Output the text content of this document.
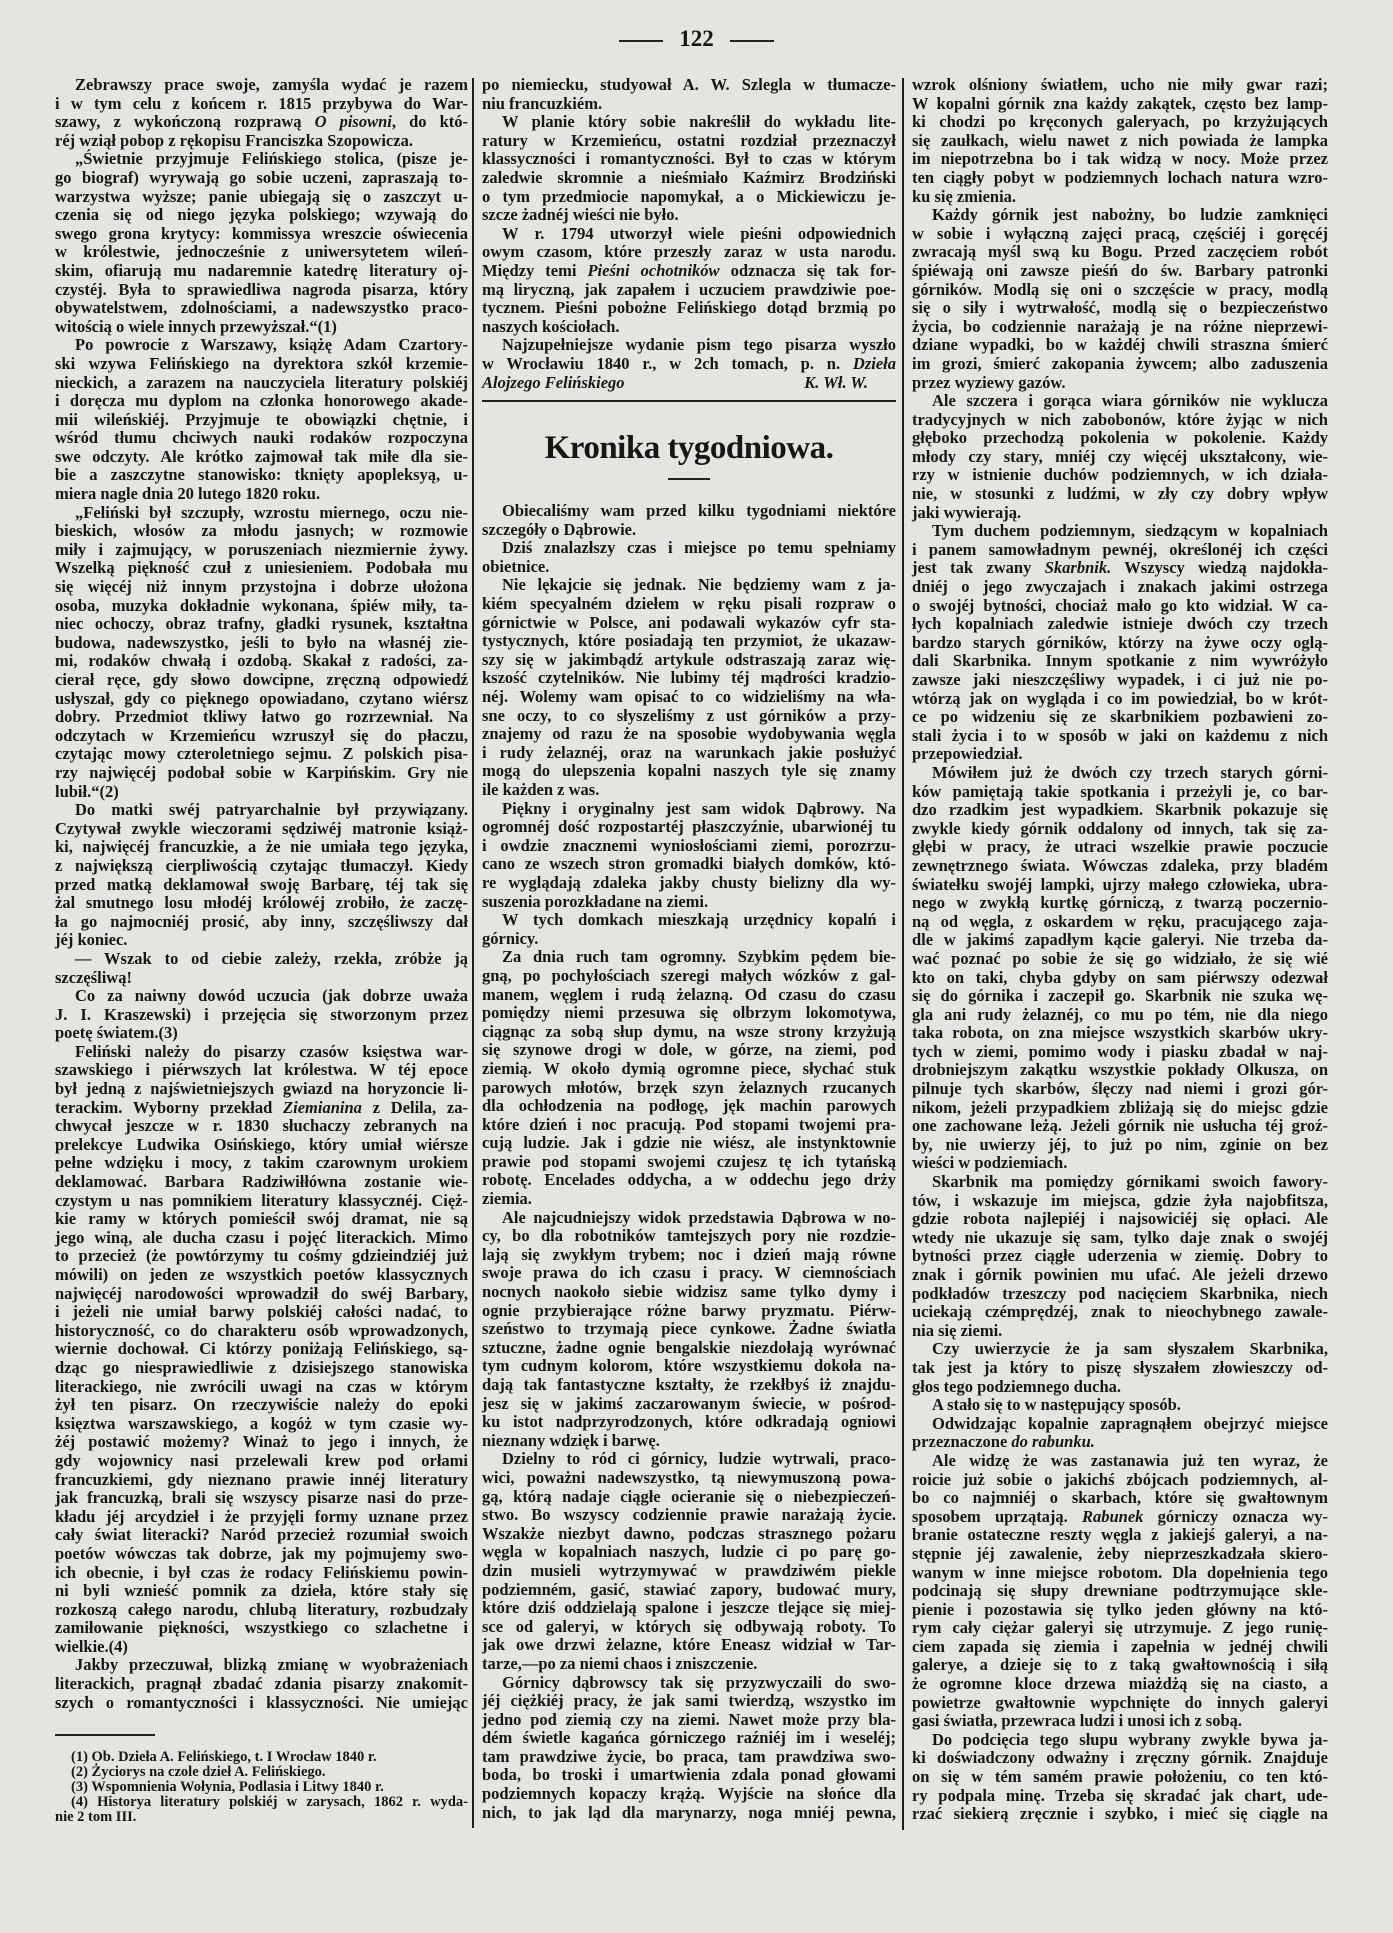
122
Zebrawszy prace swoje, zamyśla wydać je razem
i w tym celu z końcem r. 1815 przybywa do War-
szawy, z wykończoną rozprawą O pisowni, do któ-
réj wziął pobop z rękopisu Franciszka Szopowicza.
„Świetnie przyjmuje Felińskiego stolica, (pisze je-
go biograf) wyrywają go sobie uczeni, zapraszają to-
warzystwa wyższe; panie ubiegają się o zaszczyt u-
czenia się od niego języka polskiego; wzywają do
swego grona krytycy: kommissya wreszcie oświecenia
w królestwie, jednocześnie z uniwersytetem wileń-
skim, ofiarują mu nadaremnie katedrę literatury oj-
czystéj. Była to sprawiedliwa nagroda pisarza, który
obywatelstwem, zdolnościami, a nadewszystko praco-
witością o wiele innych przewyższał.“(1)
Po powrocie z Warszawy, książę Adam Czartory-
ski wzywa Felińskiego na dyrektora szkół krzemie-
nieckich, a zarazem na nauczyciela literatury polskiéj
i doręcza mu dyplom na członka honorowego akade-
mii wileńskiéj. Przyjmuje te obowiązki chętnie, i
wśród tłumu chciwych nauki rodaków rozpoczyna
swe odczyty. Ale krótko zajmował tak miłe dla sie-
bie a zaszczytne stanowisko: tknięty apopleksyą, u-
miera nagle dnia 20 lutego 1820 roku.
„Feliński był szczupły, wzrostu miernego, oczu nie-
bieskich, włosów za młodu jasnych; w rozmowie
miły i zajmujący, w poruszeniach niezmiernie żywy.
Wszelką piękność czuł z uniesieniem. Podobała mu
się więcéj niż innym przystojna i dobrze ułożona
osoba, muzyka dokładnie wykonana, śpiéw miły, ta-
niec ochoczy, obraz trafny, gładki rysunek, kształtna
budowa, nadewszystko, jeśli to było na własnéj zie-
mi, rodaków chwałą i ozdobą. Skakał z radości, za-
cierał ręce, gdy słowo dowcipne, zręczną odpowiedź
usłyszał, gdy co pięknego opowiadano, czytano wiérsz
dobry. Przedmiot tkliwy łatwo go rozrzewniał. Na
odczytach w Krzemieńcu wzruszył się do płaczu,
czytając mowy czteroletniego sejmu. Z polskich pisa-
rzy najwięcéj podobał sobie w Karpińskim. Gry nie
lubił.“(2)
Do matki swéj patryarchalnie był przywiązany.
Czytywał zwykle wieczorami sędziwéj matronie książ-
ki, najwięcéj francuzkie, a że nie umiała tego języka,
z największą cierpliwością czytając tłumaczył. Kiedy
przed matką deklamował swoję Barbarę, téj tak się
żal smutnego losu młodéj królowéj zrobiło, że zaczę-
ła go najmocniéj prosić, aby inny, szczęśliwszy dał
jéj koniec.
— Wszak to od ciebie zależy, rzekła, zróbże ją
szczęśliwą!
Co za naiwny dowód uczucia (jak dobrze uważa
J. I. Kraszewski) i przejęcia się stworzonym przez
poetę światem.(3)
Feliński należy do pisarzy czasów księstwa war-
szawskiego i piérwszych lat królestwa. W téj epoce
był jedną z najświetniejszych gwiazd na horyzoncie li-
terackim. Wyborny przekład Ziemianina z Delila, za-
chwycał jeszcze w r. 1830 słuchaczy zebranych na
prelekcye Ludwika Osińskiego, który umiał wiérsze
pełne wdzięku i mocy, z takim czarownym urokiem
deklamować. Barbara Radziwiłłówna zostanie wie-
czystym u nas pomnikiem literatury klassycznéj. Cięż-
kie ramy w których pomieścił swój dramat, nie są
jego winą, ale ducha czasu i pojęć literackich. Mimo
to przecież (że powtórzymy tu cośmy gdzieindziéj już
mówili) on jeden ze wszystkich poetów klassycznych
najwięcéj narodowości wprowadził do swéj Barbary,
i jeżeli nie umiał barwy polskiéj całości nadać, to
historyczność, co do charakteru osób wprowadzonych,
wiernie dochował. Ci którzy poniżają Felińskiego, są-
dząc go niesprawiedliwie z dzisiejszego stanowiska
literackiego, nie zwrócili uwagi na czas w którym
żył ten pisarz. On rzeczywiście należy do epoki
księztwa warszawskiego, a kogóż w tym czasie wy-
żéj postawić możemy? Winaż to jego i innych, że
gdy wojownicy nasi przelewali krew pod orłami
francuzkiemi, gdy nieznano prawie innéj literatury
jak francuzką, brali się wszyscy pisarze nasi do prze-
kładu jéj arcydzieł i że przyjęli formy uznane przez
cały świat literacki? Naród przecież rozumiał swoich
poetów wówczas tak dobrze, jak my pojmujemy swo-
ich obecnie, i był czas że rodacy Felińskiemu powin-
ni byli wznieść pomnik za dzieła, które stały się
rozkoszą całego narodu, chlubą literatury, rozbudzały
zamiłowanie piękności, wszystkiego co szlachetne i
wielkie.(4)
Jakby przeczuwał, blizką zmianę w wyobrażeniach
literackich, pragnął zbadać zdania pisarzy znakomit-
szych o romantyczności i klassyczności. Nie umiejąc
(1) Ob. Dzieła A. Felińskiego, t. I Wrocław 1840 r.
(2) Życiorys na czole dzieł A. Felińskiego.
(3) Wspomnienia Wołynia, Podlasia i Litwy 1840 r.
(4) Historya literatury polskiéj w zarysach, 1862 r. wyda-
nie 2 tom III.
po niemiecku, studyował A. W. Szlegla w tłumacze-
niu francuzkiém.
W planie który sobie nakreślił do wykładu lite-
ratury w Krzemieńcu, ostatni rozdział przeznaczył
klassyczności i romantyczności. Był to czas w którym
zaledwie skromnie a nieśmiało Kaźmirz Brodziński
o tym przedmiocie napomykał, a o Mickiewiczu je-
szcze żadnéj wieści nie było.
W r. 1794 utworzył wiele pieśni odpowiednich
owym czasom, które przeszły zaraz w usta narodu.
Między temi Pieśni ochotników odznacza się tak for-
mą liryczną, jak zapałem i uczuciem prawdziwie poe-
tycznem. Pieśni pobożne Felińskiego dotąd brzmią po
naszych kościołach.
Najzupełniejsze wydanie pism tego pisarza wyszło
w Wrocławiu 1840 r., w 2ch tomach, p. n. Dzieła
Alojzego Felińskiego	K. Wł. W.
Kronika tygodniowa.
Obiecaliśmy wam przed kilku tygodniami niektóre
szczegóły o Dąbrowie.
Dziś znalazłszy czas i miejsce po temu spełniamy
obietnice.
Nie lękajcie się jednak. Nie będziemy wam z ja-
kiém specyalném dziełem w ręku pisali rozpraw o
górnictwie w Polsce, ani podawali wykazów cyfr sta-
tystycznych, które posiadają ten przymiot, że ukazaw-
szy się w jakimbądź artykule odstraszają zaraz wię-
kszość czytelników. Nie lubimy téj mądrości kradzio-
néj. Wolemy wam opisać to co widzieliśmy na wła-
sne oczy, to co słyszeliśmy z ust górników a przy-
znajemy od razu że na sposobie wydobywania węgla
i rudy żelaznéj, oraz na warunkach jakie posłużyć
mogą do ulepszenia kopalni naszych tyle się znamy
ile każden z was.
Piękny i oryginalny jest sam widok Dąbrowy. Na
ogromnéj dość rozpostartéj płaszczyźnie, ubarwionéj tu
i owdzie znacznemi wyniosłościami ziemi, porozrzu-
cano ze wszech stron gromadki białych domków, któ-
re wyglądają zdaleka jakby chusty bielizny dla wy-
suszenia porozkładane na ziemi.
W tych domkach mieszkają urzędnicy kopalń i
górnicy.
Za dnia ruch tam ogromny. Szybkim pędem bie-
gną, po pochyłościach szeregi małych wózków z gal-
manem, węglem i rudą żelazną. Od czasu do czasu
pomiędzy niemi przesuwa się olbrzym lokomotywa,
ciągnąc za sobą słup dymu, na wsze strony krzyżują
się szynowe drogi w dole, w górze, na ziemi, pod
ziemią. W około dymią ogromne piece, słychać stuk
parowych młotów, brzęk szyn żelaznych rzucanych
dla ochłodzenia na podłogę, jęk machin parowych
które dzień i noc pracują. Pod stopami twojemi pra-
cują ludzie. Jak i gdzie nie wiész, ale instynktownie
prawie pod stopami swojemi czujesz tę ich tytańską
robotę. Encelades oddycha, a w oddechu jego drży
ziemia.
Ale najcudniejszy widok przedstawia Dąbrowa w no-
cy, bo dla robotników tamtejszych pory nie rozdzie-
lają się zwykłym trybem; noc i dzień mają równe
swoje prawa do ich czasu i pracy. W ciemnościach
nocnych naokoło siebie widzisz same tylko dymy i
ognie przybierające różne barwy pryzmatu. Piérw-
szeństwo to trzymają piece cynkowe. Żadne światła
sztuczne, żadne ognie bengalskie niezdołają wyrównać
tym cudnym kolorom, które wszystkiemu dokoła na-
dają tak fantastyczne kształty, że rzekłbyś iż znajdu-
jesz się w jakimś zaczarowanym świecie, w pośrod-
ku istot nadprzyrodzonych, które odkradają ogniowi
nieznany wdzięk i barwę.
Dzielny to ród ci górnicy, ludzie wytrwali, praco-
wici, poważni nadewszystko, tą niewymuszoną powa-
gą, którą nadaje ciągłe ocieranie się o niebezpieczeń-
stwo. Bo wszyscy codziennie prawie narażają życie.
Wszakże niezbyt dawno, podczas strasznego pożaru
węgla w kopalniach naszych, ludzie ci po parę go-
dzin musieli wytrzymywać w prawdziwém piekle
podziemném, gasić, stawiać zapory, budować mury,
które dziś oddzielają spalone i jeszcze tlejące się miej-
sce od galeryi, w których się odbywają roboty. To
jak owe drzwi żelazne, które Eneasz widział w Tar-
tarze,—po za niemi chaos i zniszczenie.
Górnicy dąbrowscy tak się przyzwyczaili do swo-
jéj ciężkiéj pracy, że jak sami twierdzą, wszystko im
jedno pod ziemią czy na ziemi. Nawet może przy bla-
dém świetle kagańca górniczego raźniéj im i weseléj;
tam prawdziwe życie, bo praca, tam prawdziwa swo-
boda, bo troski i umartwienia zdala ponad głowami
podziemnych kopaczy krążą. Wyjście na słońce dla
nich, to jak ląd dla marynarzy, noga mniéj pewna,
wzrok olśniony światłem, ucho nie miły gwar razi;
W kopalni górnik zna każdy zakątek, często bez lamp-
ki chodzi po kręconych galeryach, po krzyżujących
się zaułkach, wielu nawet z nich powiada że lampka
im niepotrzebna bo i tak widzą w nocy. Może przez
ten ciągły pobyt w podziemnych lochach natura wzro-
ku się zmienia.
Każdy górnik jest nabożny, bo ludzie zamknięci
w sobie i wyłączną zajęci pracą, częściéj i goręcéj
zwracają myśl swą ku Bogu. Przed zaczęciem robót
śpiéwają oni zawsze pieśń do św. Barbary patronki
górników. Modlą się oni o szczęście w pracy, modlą
się o siły i wytrwałość, modlą się o bezpieczeństwo
życia, bo codziennie narażają je na różne nieprzewi-
dziane wypadki, bo w każdéj chwili straszna śmierć
im grozi, śmierć zakopania żywcem; albo zaduszenia
przez wyziewy gazów.
Ale szczera i gorąca wiara górników nie wyklucza
tradycyjnych w nich zabobonów, które żyjąc w nich
głęboko przechodzą pokolenia w pokolenie. Każdy
młody czy stary, mniéj czy więcéj ukształcony, wie-
rzy w istnienie duchów podziemnych, w ich działa-
nie, w stosunki z ludźmi, w zły czy dobry wpływ
jaki wywierają.
Tym duchem podziemnym, siedzącym w kopalniach
i panem samowładnym pewnéj, określonéj ich części
jest tak zwany Skarbnik. Wszyscy wiedzą najdokła-
dniéj o jego zwyczajach i znakach jakimi ostrzega
o swojéj bytności, chociaż mało go kto widział. W ca-
łych kopalniach zaledwie istnieje dwóch czy trzech
bardzo starych górników, którzy na żywe oczy oglą-
dali Skarbnika. Innym spotkanie z nim wywróżyło
zawsze jaki nieszczęśliwy wypadek, i ci już nie po-
wtórzą jak on wygląda i co im powiedział, bo w krót-
ce po widzeniu się ze skarbnikiem pozbawieni zo-
stali życia i to w sposób w jaki on każdemu z nich
przepowiedział.
Mówiłem już że dwóch czy trzech starych górni-
ków pamiętają takie spotkania i przeżyli je, co bar-
dzo rzadkim jest wypadkiem. Skarbnik pokazuje się
zwykle kiedy górnik oddalony od innych, tak się za-
głębi w pracy, że utraci wszelkie prawie poczucie
zewnętrznego świata. Wówczas zdaleka, przy bladém
światełku swojéj lampki, ujrzy małego człowieka, ubra-
nego w zwykłą kurtkę górniczą, z twarzą poczernio-
ną od węgla, z oskardem w ręku, pracującego zaja-
dle w jakimś zapadłym kącie galeryi. Nie trzeba da-
wać poznać po sobie że się go widziało, że się wié
kto on taki, chyba gdyby on sam piérwszy odezwał
się do górnika i zaczepił go. Skarbnik nie szuka wę-
gla ani rudy żelaznéj, co mu po tém, nie dla niego
taka robota, on zna miejsce wszystkich skarbów ukry-
tych w ziemi, pomimo wody i piasku zbadał w naj-
drobniejszym zakątku wszystkie pokłady Olkusza, on
pilnuje tych skarbów, ślęczy nad niemi i grozi gór-
nikom, jeżeli przypadkiem zbliżają się do miejsc gdzie
one zachowane leżą. Jeżeli górnik nie usłucha téj groź-
by, nie uwierzy jéj, to już po nim, zginie on bez
wieści w podziemiach.
Skarbnik ma pomiędzy górnikami swoich fawory-
tów, i wskazuje im miejsca, gdzie żyła najobfitsza,
gdzie robota najlepiéj i najsowiciéj się opłaci. Ale
wtedy nie ukazuje się sam, tylko daje znak o swojéj
bytności przez ciągłe uderzenia w ziemię. Dobry to
znak i górnik powinien mu ufać. Ale jeżeli drzewo
podkładów trzeszczy pod nacięciem Skarbnika, niech
uciekają czémprędzéj, znak to nieochybnego zawale-
nia się ziemi.
Czy uwierzycie że ja sam słyszałem Skarbnika,
tak jest ja który to piszę słyszałem złowieszczy od-
głos tego podziemnego ducha.
A stało się to w następujący sposób.
Odwidzając kopalnie zapragnąłem obejrzyć miejsce
przeznaczone do rabunku.
Ale widzę że was zastanawia już ten wyraz, że
roicie już sobie o jakichś zbójcach podziemnych, al-
bo co najmniéj o skarbach, które się gwałtownym
sposobem uprzątają. Rabunek górniczy oznacza wy-
branie ostateczne reszty węgla z jakiejś galeryi, a na-
stępnie jéj zawalenie, żeby nieprzeszkadzała skiero-
wanym w inne miejsce robotom. Dla dopełnienia tego
podcinają się słupy drewniane podtrzymujące skle-
pienie i pozostawia się tylko jeden główny na któ-
rym cały ciężar galeryi się utrzymuje. Z jego runię-
ciem zapada się ziemia i zapełnia w jednéj chwili
galerye, a dzieje się to z taką gwałtownością i siłą
że ogromne kloce drzewa miażdżą się na ciasto, a
powietrze gwałtownie wypchnięte do innych galeryi
gasi światła, przewraca ludzi i unosi ich z sobą.
Do podcięcia tego słupu wybrany zwykle bywa ja-
ki doświadczony odważny i zręczny górnik. Znajduje
on się w tém samém prawie położeniu, co ten któ-
ry podpala minę. Trzeba się skradać jak chart, ude-
rzać siekierą zręcznie i szybko, i mieć się ciągle na
